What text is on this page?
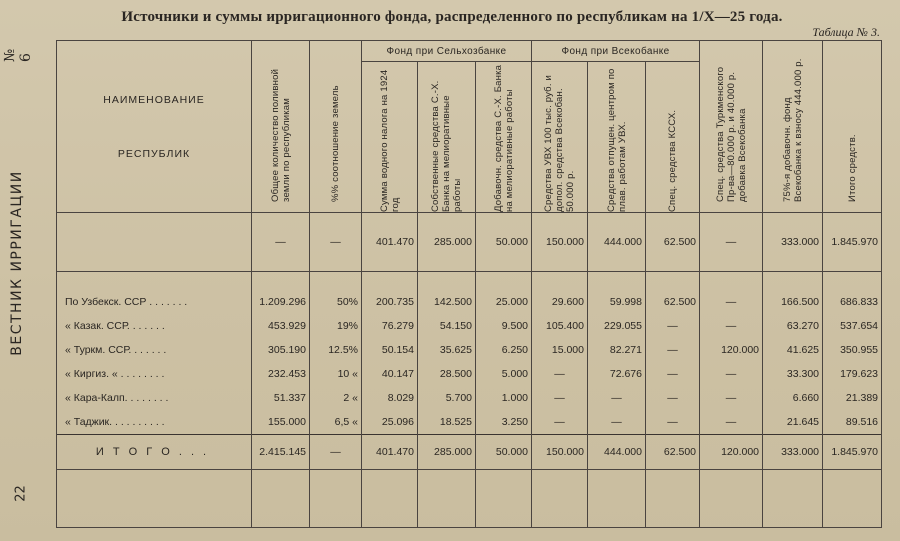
№ 6
ВЕСТНИК ИРРИГАЦИИ
22
Источники и суммы ирригационного фонда, распределенного по республикам на 1/X—25 года.
Таблица № 3.
НАИМЕНОВАНИЕ
РЕСПУБЛИК	Общее количество поливной земли по республикам	%% соотношение земель	Фонд при Сельхозбанке			Фонд при Всекобанке			Спец. средства Туркменского Пр-ва—80.000 р. и 40.000 р. добавка Всекобанка	75%-я добавочн. фонд Всекобанка к взносу 444.000 р.	Итого средств.

			Сумма водного налога на 1924 год	Собственные средства С.-Х. Банка на мелиоративные работы	Добавочн. средства С.-Х. Банка на мелиоративные работы	Средства УВХ 100 тыс. руб. и допол. средства Всекобан. 50.000 р.	Средства отпущен. центром по плав. работам УВХ.	Спец. средства КССХ.			

	—	—	401.470	285.000	50.000	150.000	444.000	62.500	—	333.000	1.845.970

По Узбекск. ССР . . . . . . .	1.209.296	50%	200.735	142.500	25.000	29.600	59.998	62.500	—	166.500	686.833
« Казак. ССР. . . . . . .	453.929	19%	76.279	54.150	9.500	105.400	229.055	—	—	63.270	537.654
« Туркм. ССР. . . . . . .	305.190	12.5%	50.154	35.625	6.250	15.000	82.271	—	120.000	41.625	350.955
« Киргиз. « . . . . . . . .	232.453	10 «	40.147	28.500	5.000	—	72.676	—	—	33.300	179.623
« Кара-Калп. . . . . . . .	51.337	2 «	8.029	5.700	1.000	—	—	—	—	6.660	21.389
« Таджик. . . . . . . . . .	155.000	6,5 «	25.096	18.525	3.250	—	—	—	—	21.645	89.516
И Т О Г О . . .	2.415.145	—	401.470	285.000	50.000	150.000	444.000	62.500	120.000	333.000	1.845.970
